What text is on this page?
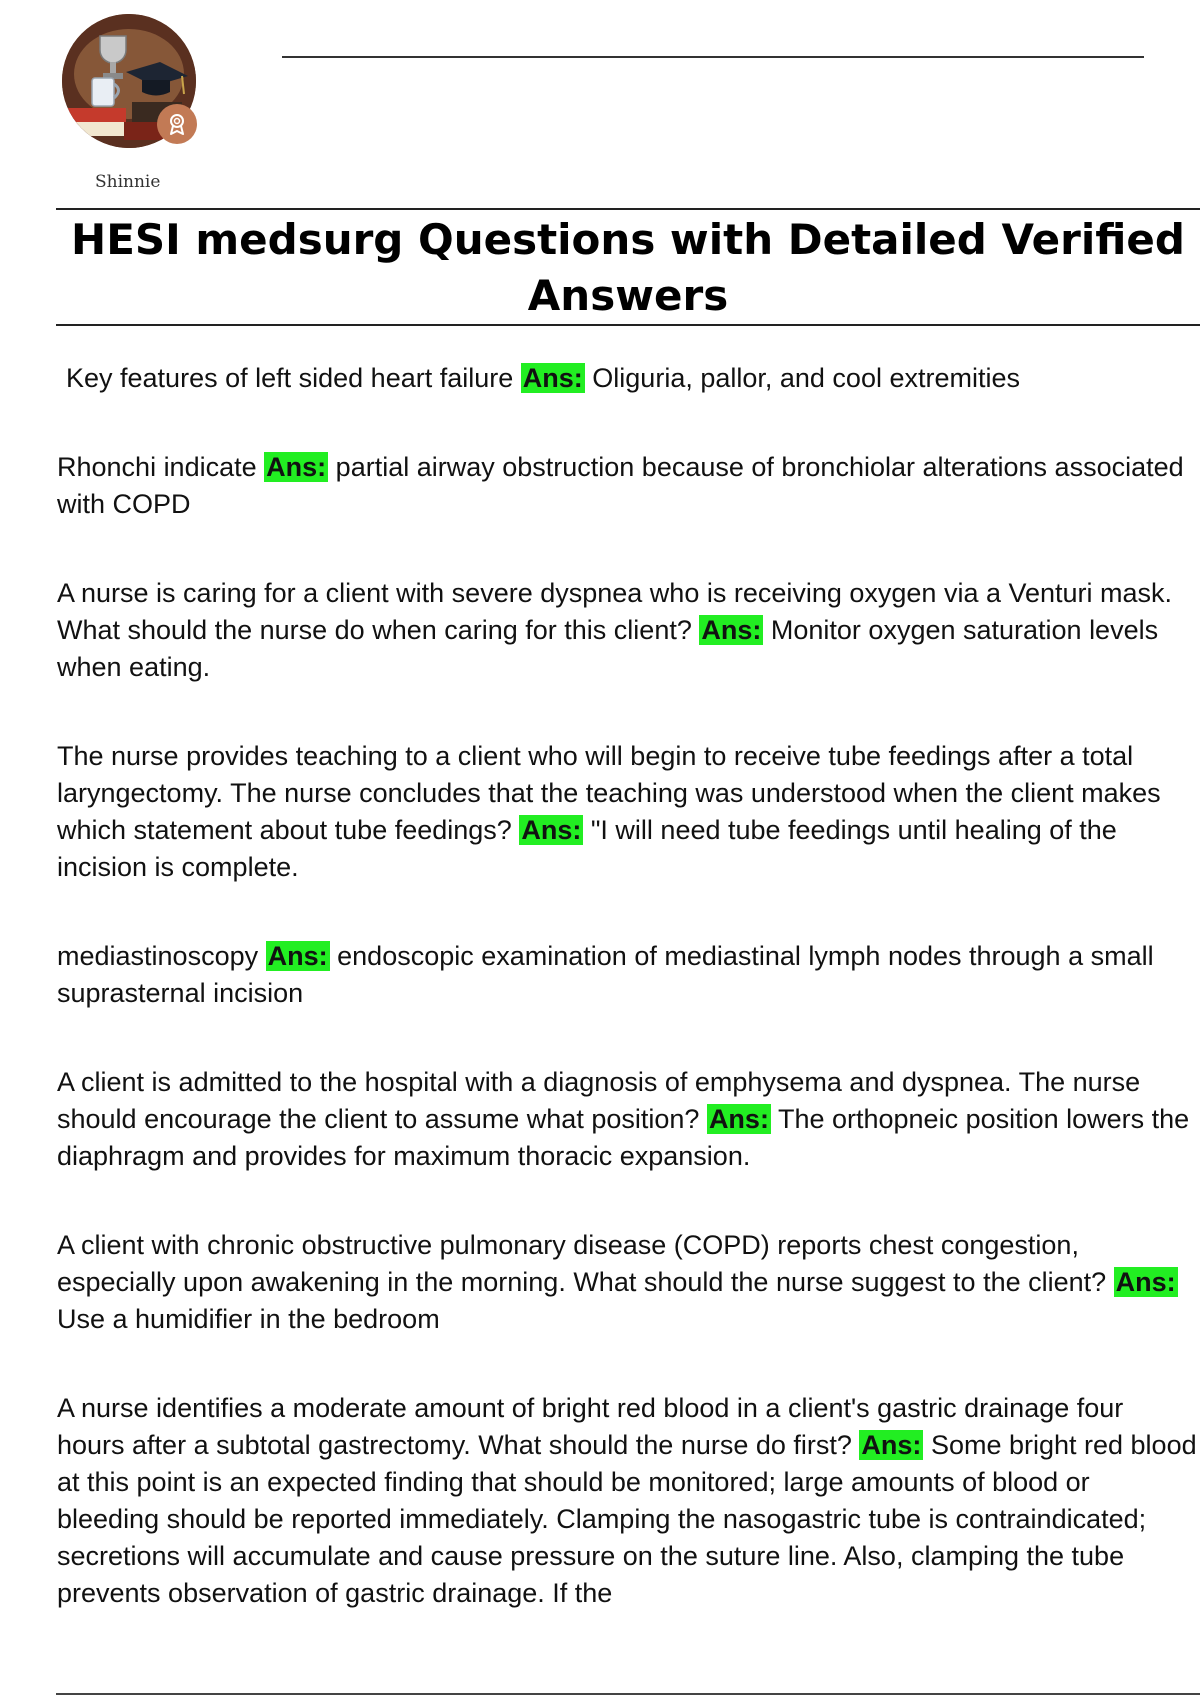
Shinnie
HESI medsurg Questions with Detailed Verified Answers

Key features of left sided heart failure Ans: Oliguria, pallor, and cool extremities

Rhonchi indicate Ans: partial airway obstruction because of bronchiolar alterations associated with COPD

A nurse is caring for a client with severe dyspnea who is receiving oxygen via a Venturi mask. What should the nurse do when caring for this client? Ans: Monitor oxygen saturation levels when eating.

The nurse provides teaching to a client who will begin to receive tube feedings after a total laryngectomy. The nurse concludes that the teaching was understood when the client makes which statement about tube feedings? Ans: "I will need tube feedings until healing of the incision is complete.

mediastinoscopy Ans: endoscopic examination of mediastinal lymph nodes through a small suprasternal incision

A client is admitted to the hospital with a diagnosis of emphysema and dyspnea. The nurse should encourage the client to assume what position? Ans: The orthopneic position lowers the diaphragm and provides for maximum thoracic expansion.

A client with chronic obstructive pulmonary disease (COPD) reports chest congestion, especially upon awakening in the morning. What should the nurse suggest to the client? Ans: Use a humidifier in the bedroom

A nurse identifies a moderate amount of bright red blood in a client's gastric drainage four hours after a subtotal gastrectomy. What should the nurse do first? Ans: Some bright red blood at this point is an expected finding that should be monitored; large amounts of blood or bleeding should be reported immediately. Clamping the nasogastric tube is contraindicated; secretions will accumulate and cause pressure on the suture line. Also, clamping the tube prevents observation of gastric drainage. If the
